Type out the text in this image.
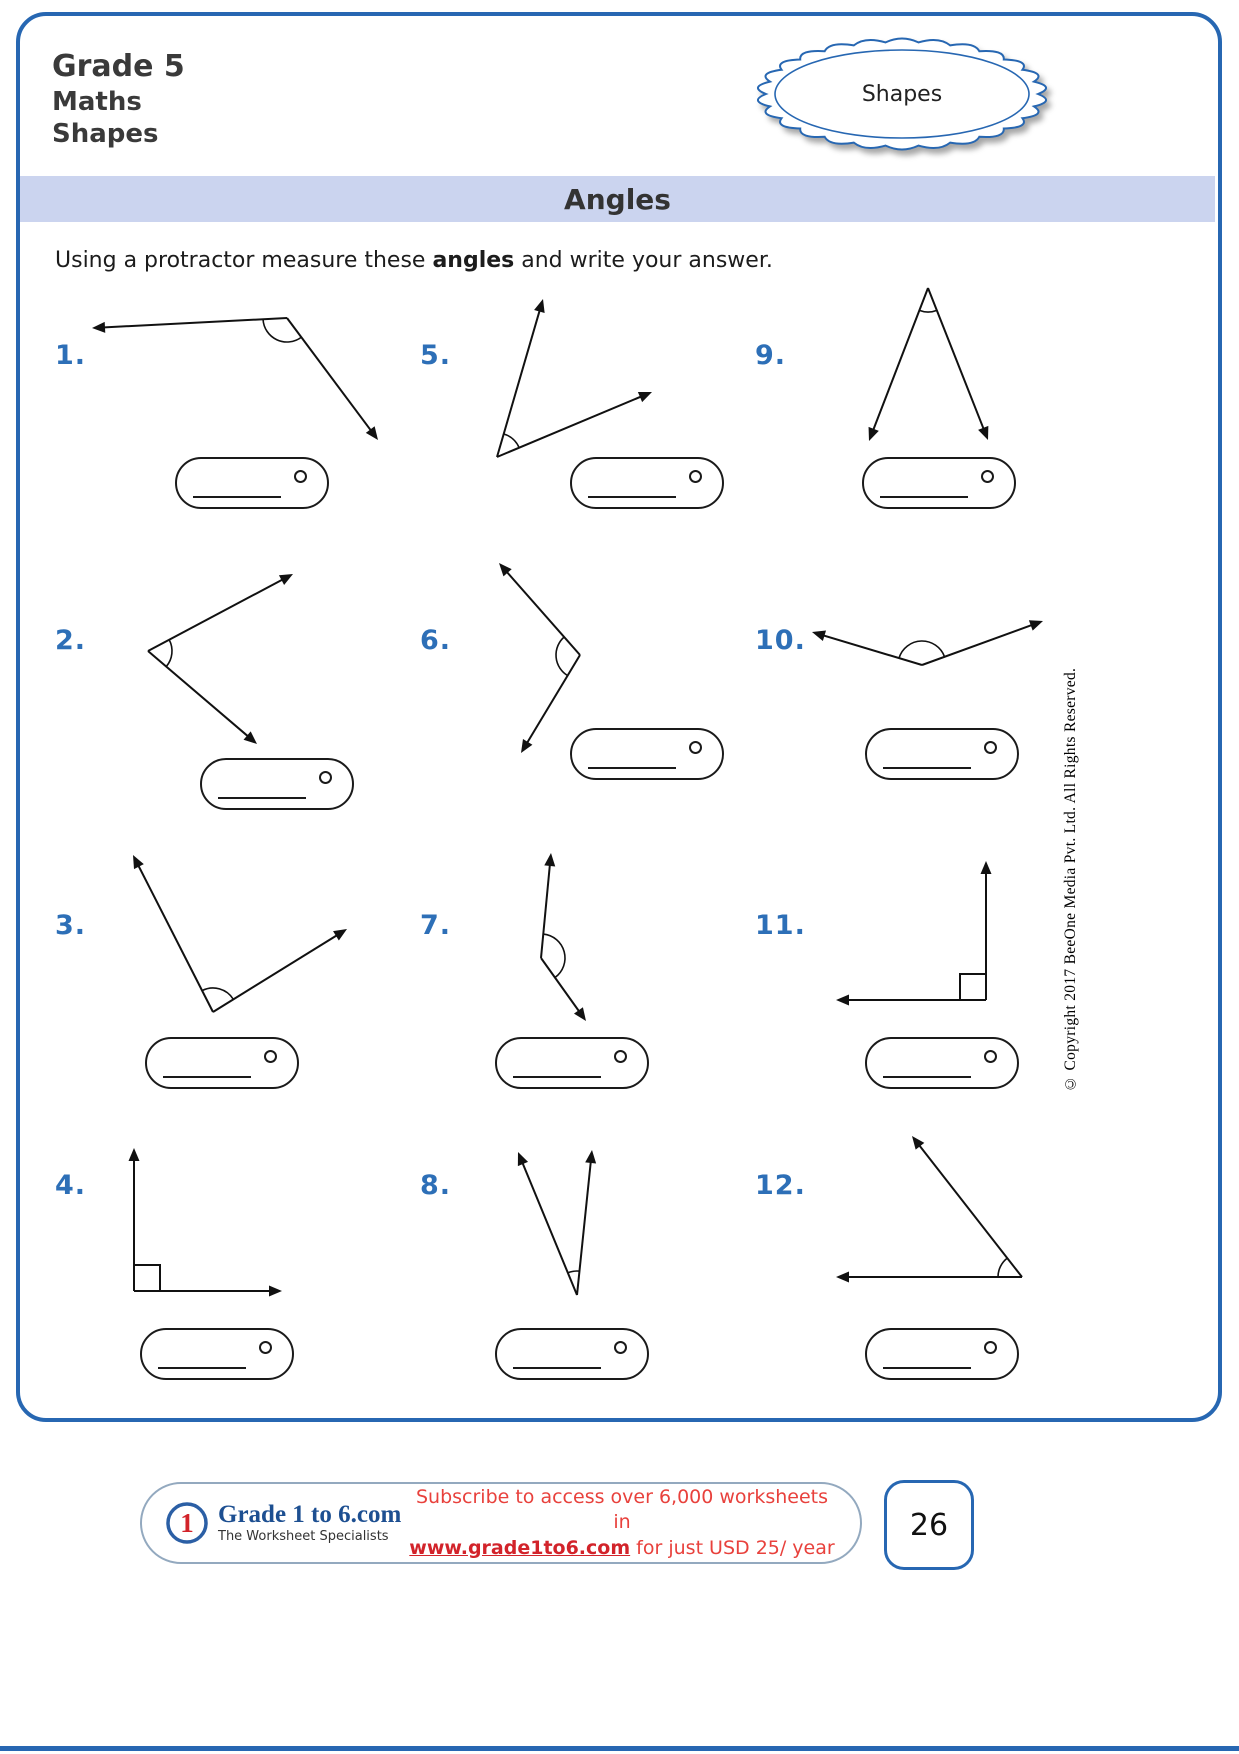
Grade 5
Maths
Shapes
Shapes
Angles
Using a protractor measure these angles and write your answer.
1.
2.
3.
4.
5.
6.
7.
8.
9.
10.
11.
12.
© Copyright 2017 BeeOne Media Pvt. Ltd. All Rights Reserved.
1 Grade 1 to 6.com
The Worksheet Specialists
Subscribe to access over 6,000 worksheets in
www.grade1to6.com for just USD 25/ year
26
